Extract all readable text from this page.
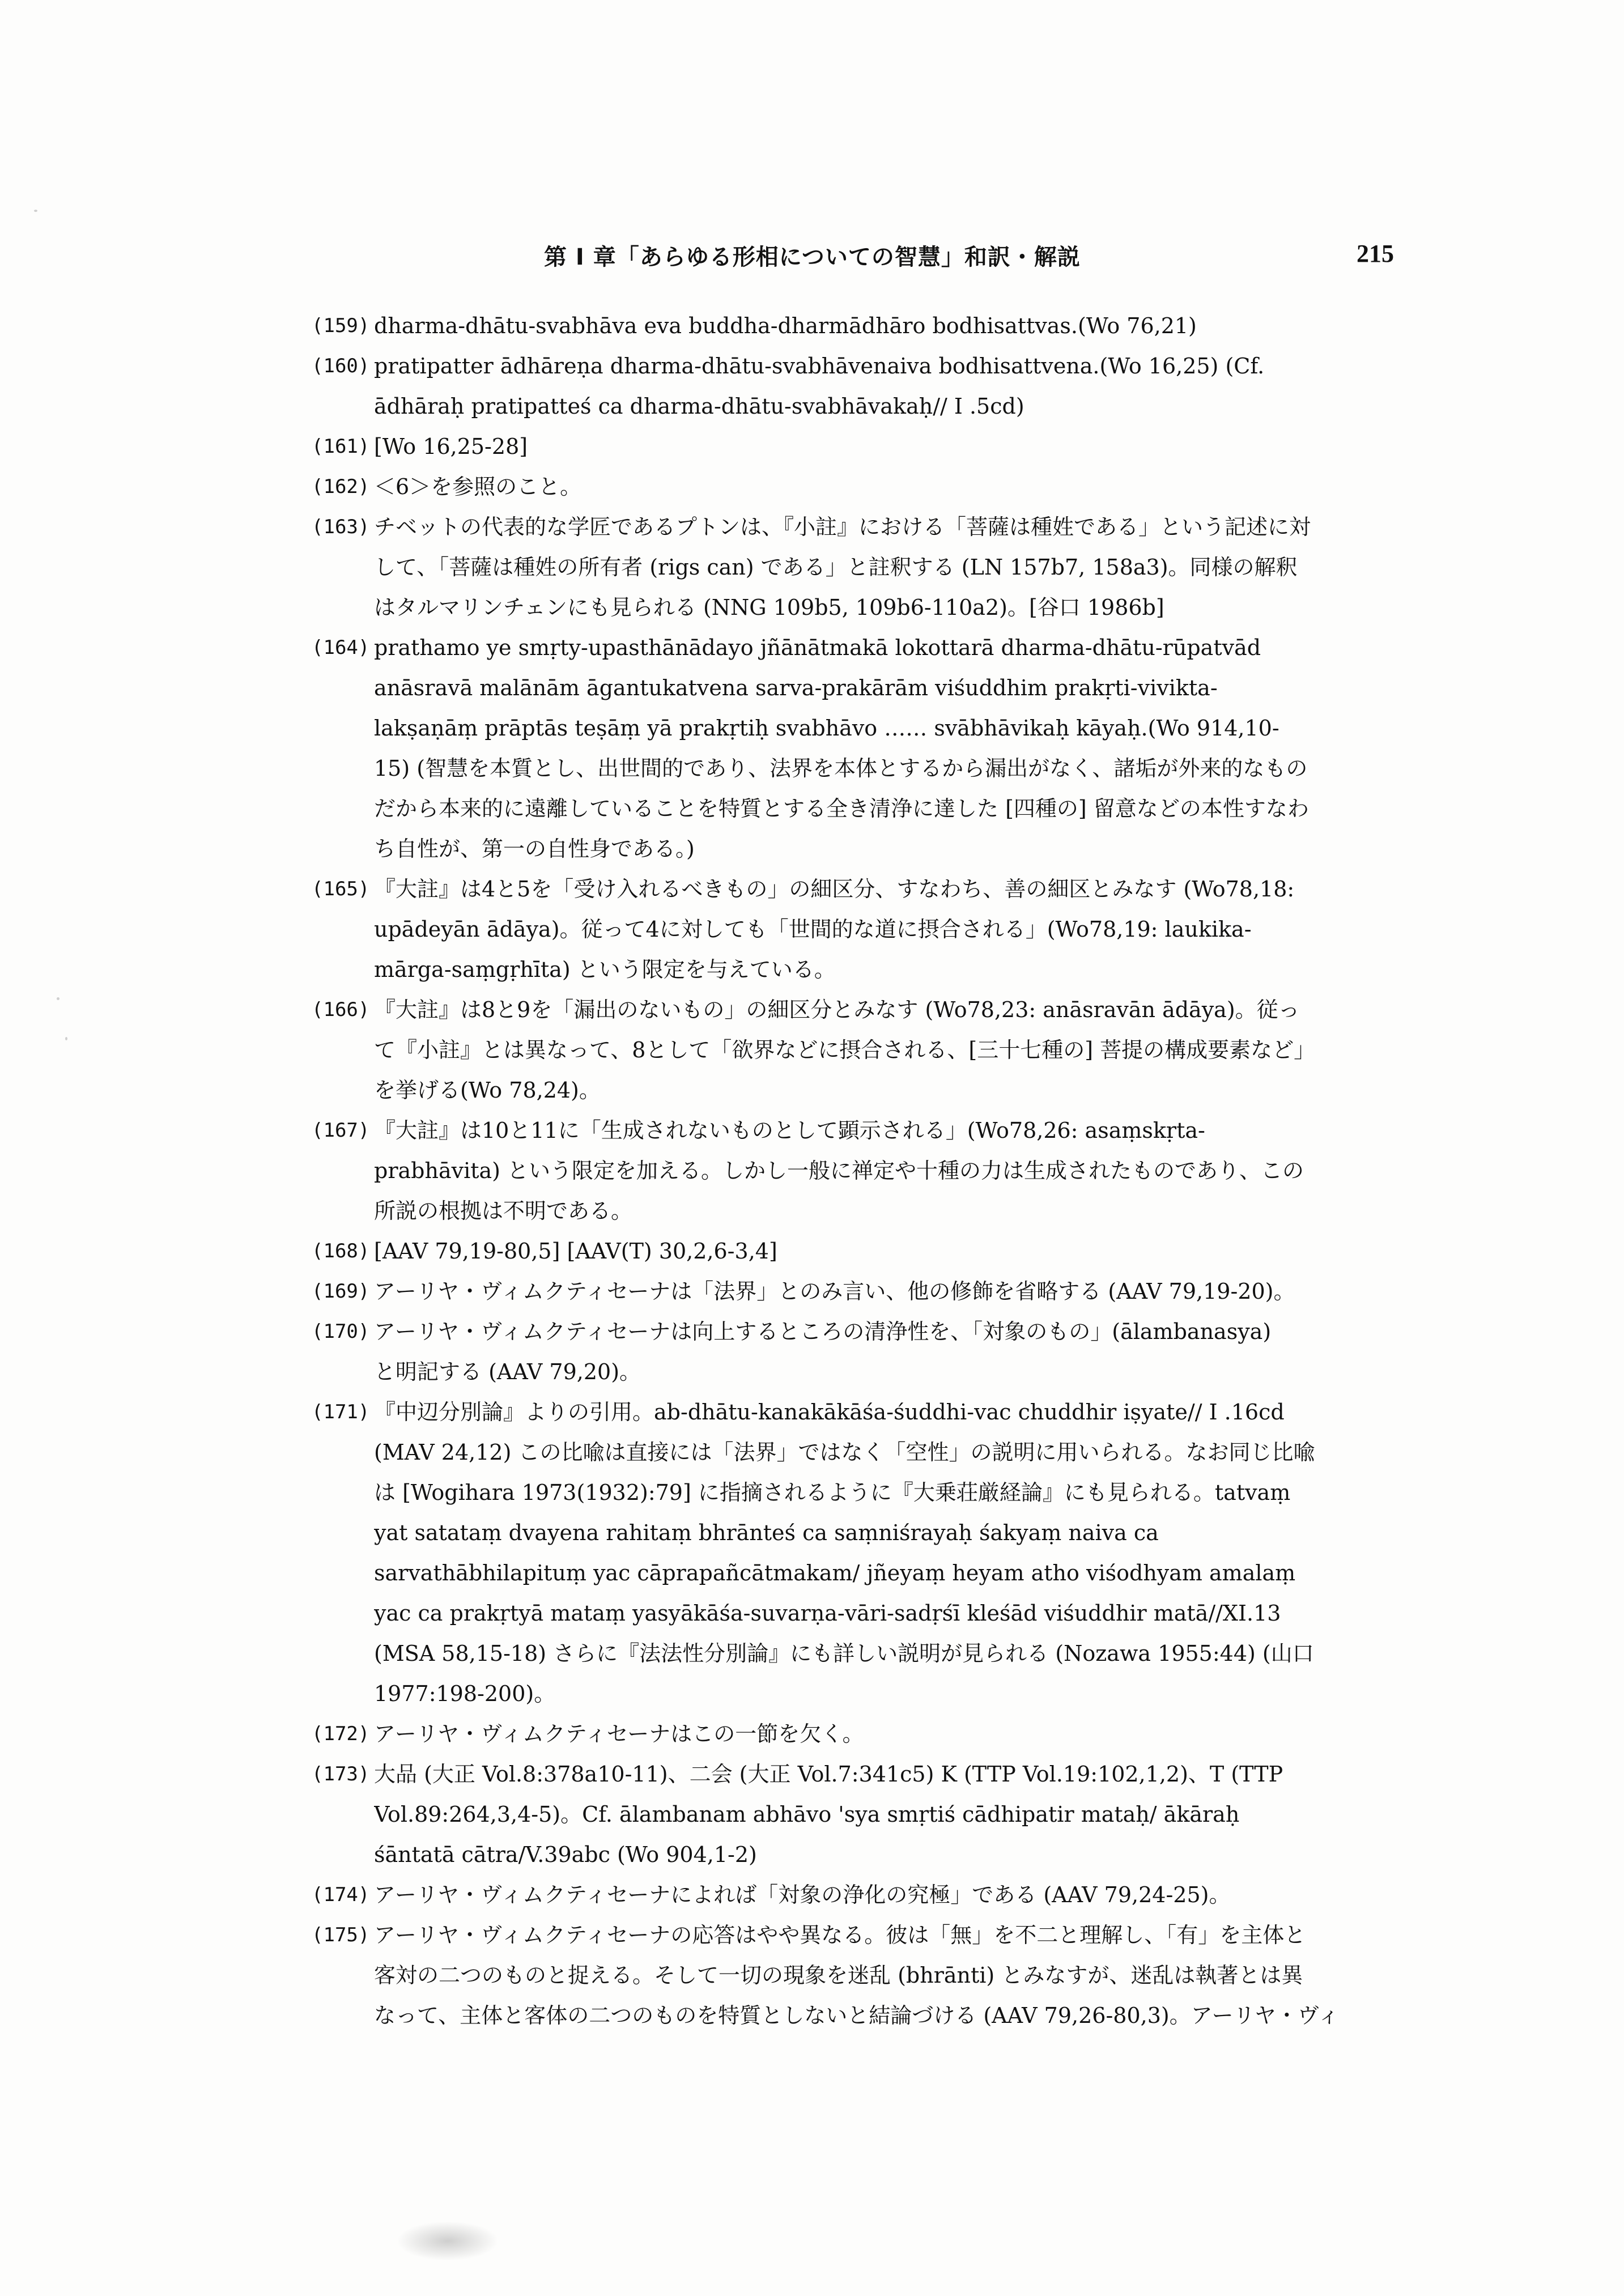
第 I 章「あらゆる形相についての智慧」和訳・解説	215
(159) dharma-dhātu-svabhāva eva buddha-dharmādhāro bodhisattvas.(Wo 76,21)
(160) pratipatter ādhāreṇa dharma-dhātu-svabhāvenaiva bodhisattvena.(Wo 16,25) (Cf.
ādhāraḥ pratipatteś ca dharma-dhātu-svabhāvakaḥ// I .5cd)
(161) [Wo 16,25-28]
(162) ＜6＞を参照のこと。
(163) チベットの代表的な学匠であるプトンは、『小註』における「菩薩は種姓である」という記述に対
して、「菩薩は種姓の所有者 (rigs can) である」と註釈する (LN 157b7, 158a3)。同様の解釈
はタルマリンチェンにも見られる (NNG 109b5, 109b6-110a2)。[谷口 1986b]
(164) prathamo ye smṛty-upasthānādayo jñānātmakā lokottarā dharma-dhātu-rūpatvād
anāsravā malānām āgantukatvena sarva-prakārām viśuddhim prakṛti-vivikta-
lakṣaṇāṃ prāptās teṣāṃ yā prakṛtiḥ svabhāvo …… svābhāvikaḥ kāyaḥ.(Wo 914,10-
15) (智慧を本質とし、出世間的であり、法界を本体とするから漏出がなく、諸垢が外来的なもの
だから本来的に遠離していることを特質とする全き清浄に達した [四種の] 留意などの本性すなわ
ち自性が、第一の自性身である。)
(165) 『大註』は4と5を「受け入れるべきもの」の細区分、すなわち、善の細区とみなす (Wo78,18:
upādeyān ādāya)。従って4に対しても「世間的な道に摂合される」(Wo78,19: laukika-
mārga-saṃgṛhīta) という限定を与えている。
(166) 『大註』は8と9を「漏出のないもの」の細区分とみなす (Wo78,23: anāsravān ādāya)。従っ
て『小註』とは異なって、8として「欲界などに摂合される、[三十七種の] 菩提の構成要素など」
を挙げる(Wo 78,24)。
(167) 『大註』は10と11に「生成されないものとして顕示される」(Wo78,26: asaṃskṛta-
prabhāvita) という限定を加える。しかし一般に禅定や十種の力は生成されたものであり、この
所説の根拠は不明である。
(168) [AAV 79,19-80,5] [AAV(T) 30,2,6-3,4]
(169) アーリヤ・ヴィムクティセーナは「法界」とのみ言い、他の修飾を省略する (AAV 79,19-20)。
(170) アーリヤ・ヴィムクティセーナは向上するところの清浄性を、「対象のもの」(ālambanasya)
と明記する (AAV 79,20)。
(171) 『中辺分別論』よりの引用。ab-dhātu-kanakākāśa-śuddhi-vac chuddhir iṣyate// I .16cd
(MAV 24,12) この比喩は直接には「法界」ではなく「空性」の説明に用いられる。なお同じ比喩
は [Wogihara 1973(1932):79] に指摘されるように『大乗荘厳経論』にも見られる。tatvaṃ
yat satataṃ dvayena rahitaṃ bhrānteś ca saṃniśrayaḥ śakyaṃ naiva ca
sarvathābhilapituṃ yac cāprapañcātmakam/ jñeyaṃ heyam atho viśodhyam amalaṃ
yac ca prakṛtyā mataṃ yasyākāśa-suvarṇa-vāri-sadṛśī kleśād viśuddhir matā//XI.13
(MSA 58,15-18) さらに『法法性分別論』にも詳しい説明が見られる (Nozawa 1955:44) (山口
1977:198-200)。
(172) アーリヤ・ヴィムクティセーナはこの一節を欠く。
(173) 大品 (大正 Vol.8:378a10-11)、二会 (大正 Vol.7:341c5) K (TTP Vol.19:102,1,2)、T (TTP
Vol.89:264,3,4-5)。Cf. ālambanam abhāvo 'sya smṛtiś cādhipatir mataḥ/ ākāraḥ
śāntatā cātra/V.39abc (Wo 904,1-2)
(174) アーリヤ・ヴィムクティセーナによれば「対象の浄化の究極」である (AAV 79,24-25)。
(175) アーリヤ・ヴィムクティセーナの応答はやや異なる。彼は「無」を不二と理解し、「有」を主体と
客対の二つのものと捉える。そして一切の現象を迷乱 (bhrānti) とみなすが、迷乱は執著とは異
なって、主体と客体の二つのものを特質としないと結論づける (AAV 79,26-80,3)。アーリヤ・ヴィ
